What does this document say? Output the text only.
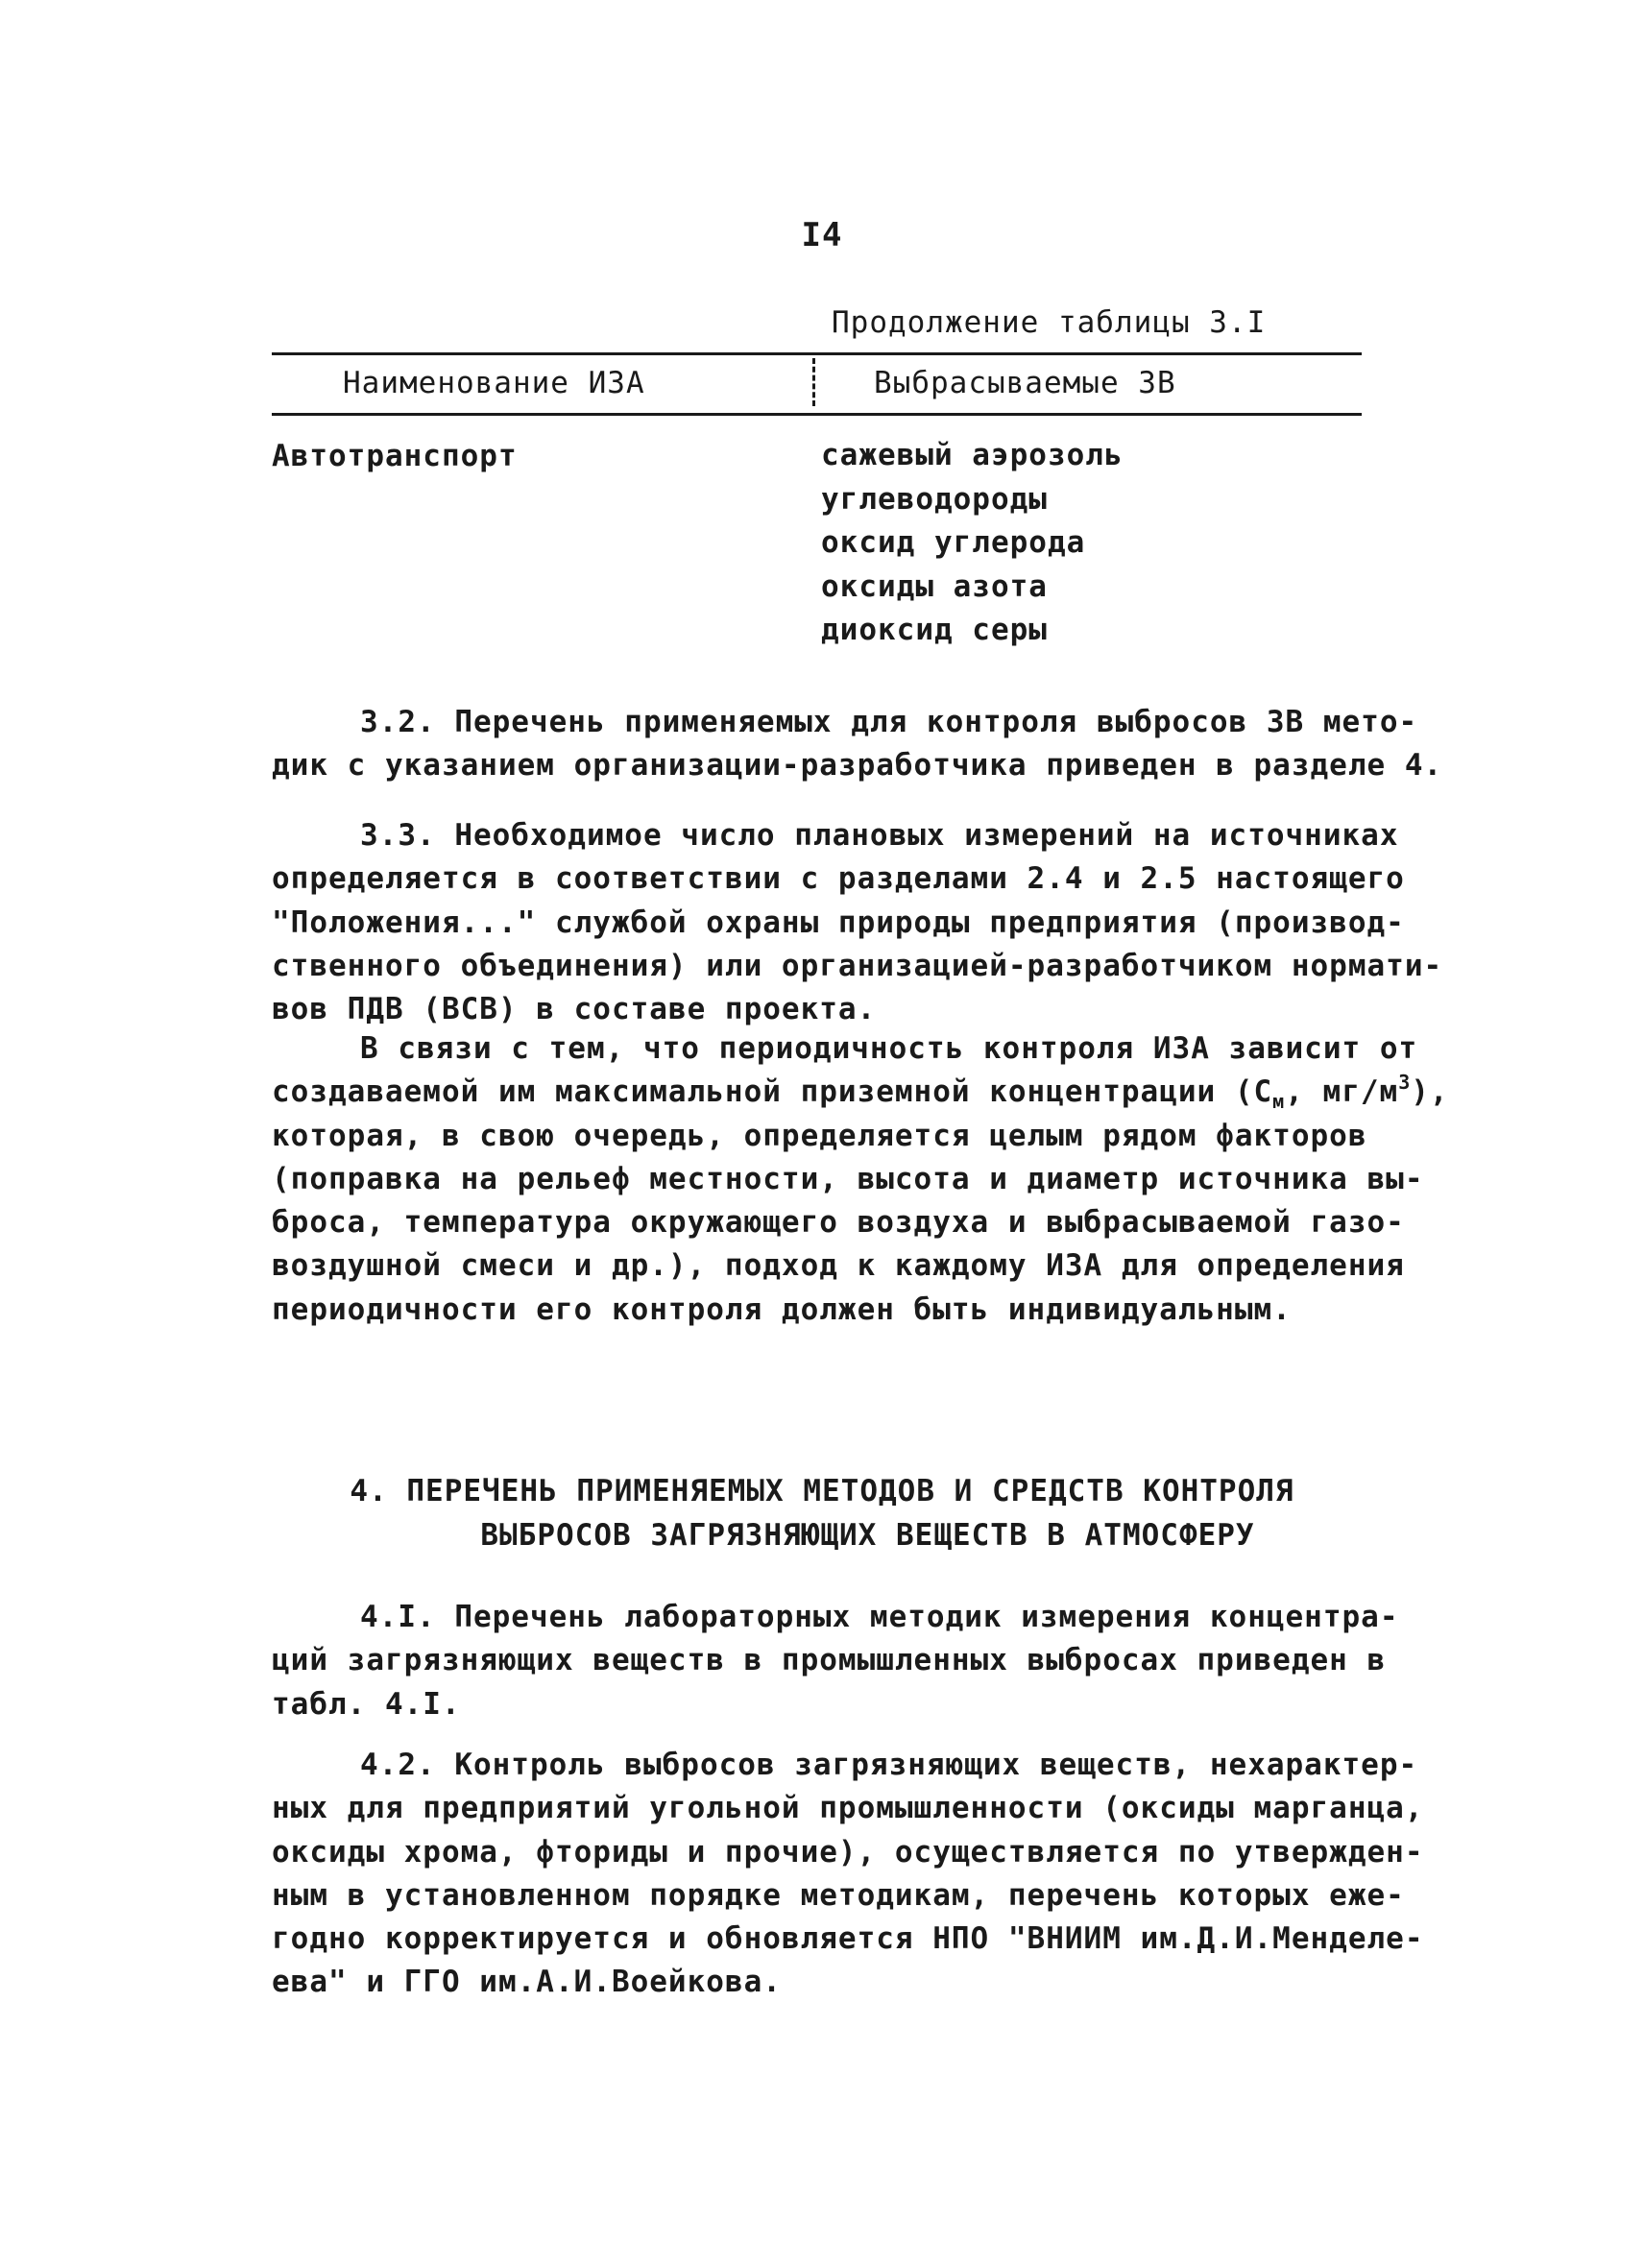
I4
Продолжение таблицы 3.I
Наименование ИЗА	Выбрасываемые ЗВ
Автотранспорт	сажевый аэрозоль
углеводороды
оксид углерода
оксиды азота
диоксид серы
3.2. Перечень применяемых для контроля выбросов ЗВ мето-
дик с указанием организации-разработчика приведен в разделе 4.
3.3. Необходимое число плановых измерений на источниках
определяется в соответствии с разделами 2.4 и 2.5 настоящего
"Положения..." службой охраны природы предприятия (производ-
ственного объединения) или организацией-разработчиком нормати-
вов ПДВ (ВСВ) в составе проекта.
В связи с тем, что периодичность контроля ИЗА зависит от
создаваемой им максимальной приземной концентрации ($С_м$, $мг/м^3$),
которая, в свою очередь, определяется целым рядом факторов
(поправка на рельеф местности, высота и диаметр источника вы-
броса, температура окружающего воздуха и выбрасываемой газо-
воздушной смеси и др.), подход к каждому ИЗА для определения
периодичности его контроля должен быть индивидуальным.
4. ПЕРЕЧЕНЬ ПРИМЕНЯЕМЫХ МЕТОДОВ И СРЕДСТВ КОНТРОЛЯ
ВЫБРОСОВ ЗАГРЯЗНЯЮЩИХ ВЕЩЕСТВ В АТМОСФЕРУ
4.I. Перечень лабораторных методик измерения концентра-
ций загрязняющих веществ в промышленных выбросах приведен в
табл. 4.I.
4.2. Контроль выбросов загрязняющих веществ, нехарактер-
ных для предприятий угольной промышленности (оксиды марганца,
оксиды хрома, фториды и прочие), осуществляется по утвержден-
ным в установленном порядке методикам, перечень которых еже-
годно корректируется и обновляется НПО "ВНИИМ им.Д.И.Менделе-
ева" и ГГО им.А.И.Воейкова.
